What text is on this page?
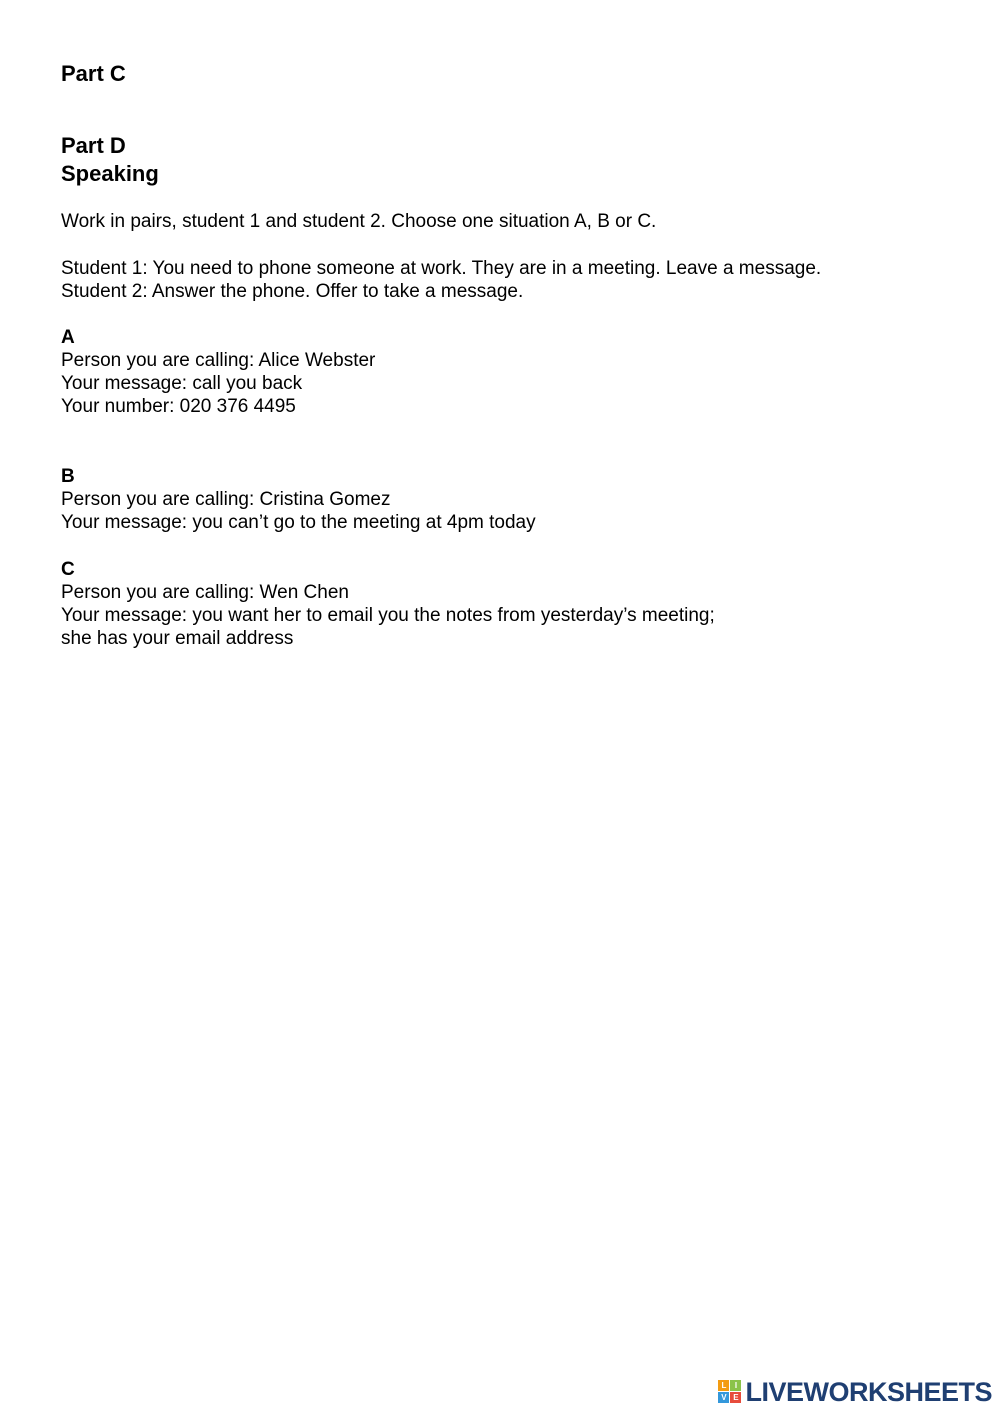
Part C
Part D
Speaking

Work in pairs, student 1 and student 2. Choose one situation A, B or C.

Student 1: You need to phone someone at work. They are in a meeting. Leave a message.

Student 2: Answer the phone. Offer to take a message.

A

Person you are calling: Alice Webster

Your message: call you back

Your number: 020 376 4495

B

Person you are calling: Cristina Gomez

Your message: you can’t go to the meeting at 4pm today

C

Person you are calling: Wen Chen

Your message: you want her to email you the notes from yesterday’s meeting;

she has your email address

L	I
V E LIVEWORKSHEETS
